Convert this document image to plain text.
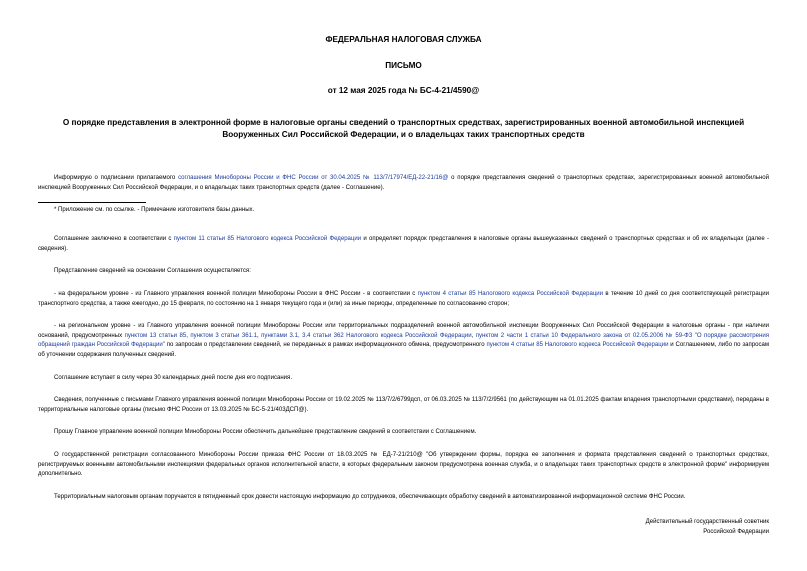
ФЕДЕРАЛЬНАЯ НАЛОГОВАЯ СЛУЖБА

ПИСЬМО

от 12 мая 2025 года № БС-4-21/4590@

О порядке представления в электронной форме в налоговые органы сведений о транспортных средствах, зарегистрированных военной автомобильной инспекцией Вооруженных Сил Российской Федерации, и о владельцах таких транспортных средств

Информирую о подписании прилагаемого соглашения Минобороны России и ФНС России от 30.04.2025 № 113/7/17974/ЕД-22-21/16@ о порядке представления сведений о транспортных средствах, зарегистрированных военной автомобильной инспекцией Вооруженных Сил Российской Федерации, и о владельцах таких транспортных средств (далее - Соглашение).

* Приложение см. по ссылке. - Примечание изготовителя базы данных.

Соглашение заключено в соответствии с пунктом 11 статьи 85 Налогового кодекса Российской Федерации и определяет порядок представления в налоговые органы вышеуказанных сведений о транспортных средствах и об их владельцах (далее - сведения).

Представление сведений на основании Соглашения осуществляется:

- на федеральном уровне - из Главного управления военной полиции Минобороны России в ФНС России - в соответствии с пунктом 4 статьи 85 Налогового кодекса Российской Федерации в течение 10 дней со дня соответствующей регистрации транспортного средства, а также ежегодно, до 15 февраля, по состоянию на 1 января текущего года и (или) за иные периоды, определенные по согласованию сторон;

- на региональном уровне - из Главного управления военной полиции Минобороны России или территориальных подразделений военной автомобильной инспекции Вооруженных Сил Российской Федерации в налоговые органы - при наличии оснований, предусмотренных пунктом 13 статьи 85, пунктом 3 статьи 361.1, пунктами 3.1, 3.4 статьи 362 Налогового кодекса Российской Федерации, пунктом 2 части 1 статьи 10 Федерального закона от 02.05.2006 № 59-ФЗ "О порядке рассмотрения обращений граждан Российской Федерации" по запросам о представлении сведений, не переданных в рамках информационного обмена, предусмотренного пунктом 4 статьи 85 Налогового кодекса Российской Федерации и Соглашением, либо по запросам об уточнении содержания полученных сведений.

Соглашение вступает в силу через 30 календарных дней после дня его подписания.

Сведения, полученные с письмами Главного управления военной полиции Минобороны России от 19.02.2025 № 113/7/2/6799дсп, от 06.03.2025 № 113/7/2/9561 (по действующим на 01.01.2025 фактам владения транспортными средствами), переданы в территориальные налоговые органы (письмо ФНС России от 13.03.2025 № БС-5-21/403ДСП@).

Прошу Главное управление военной полиции Минобороны России обеспечить дальнейшее представление сведений в соответствии с Соглашением.

О государственной регистрации согласованного Минобороны России приказа ФНС России от 18.03.2025 № ЕД-7-21/210@ "Об утверждении формы, порядка ее заполнения и формата представления сведений о транспортных средствах, регистрируемых военными автомобильными инспекциями федеральных органов исполнительной власти, в которых федеральным законом предусмотрена военная служба, и о владельцах таких транспортных средств в электронной форме" информируем дополнительно.

Территориальным налоговым органам поручается в пятидневный срок довести настоящую информацию до сотрудников, обеспечивающих обработку сведений в автоматизированной информационной системе ФНС России.

Действительный государственный советник
Российской Федерации
